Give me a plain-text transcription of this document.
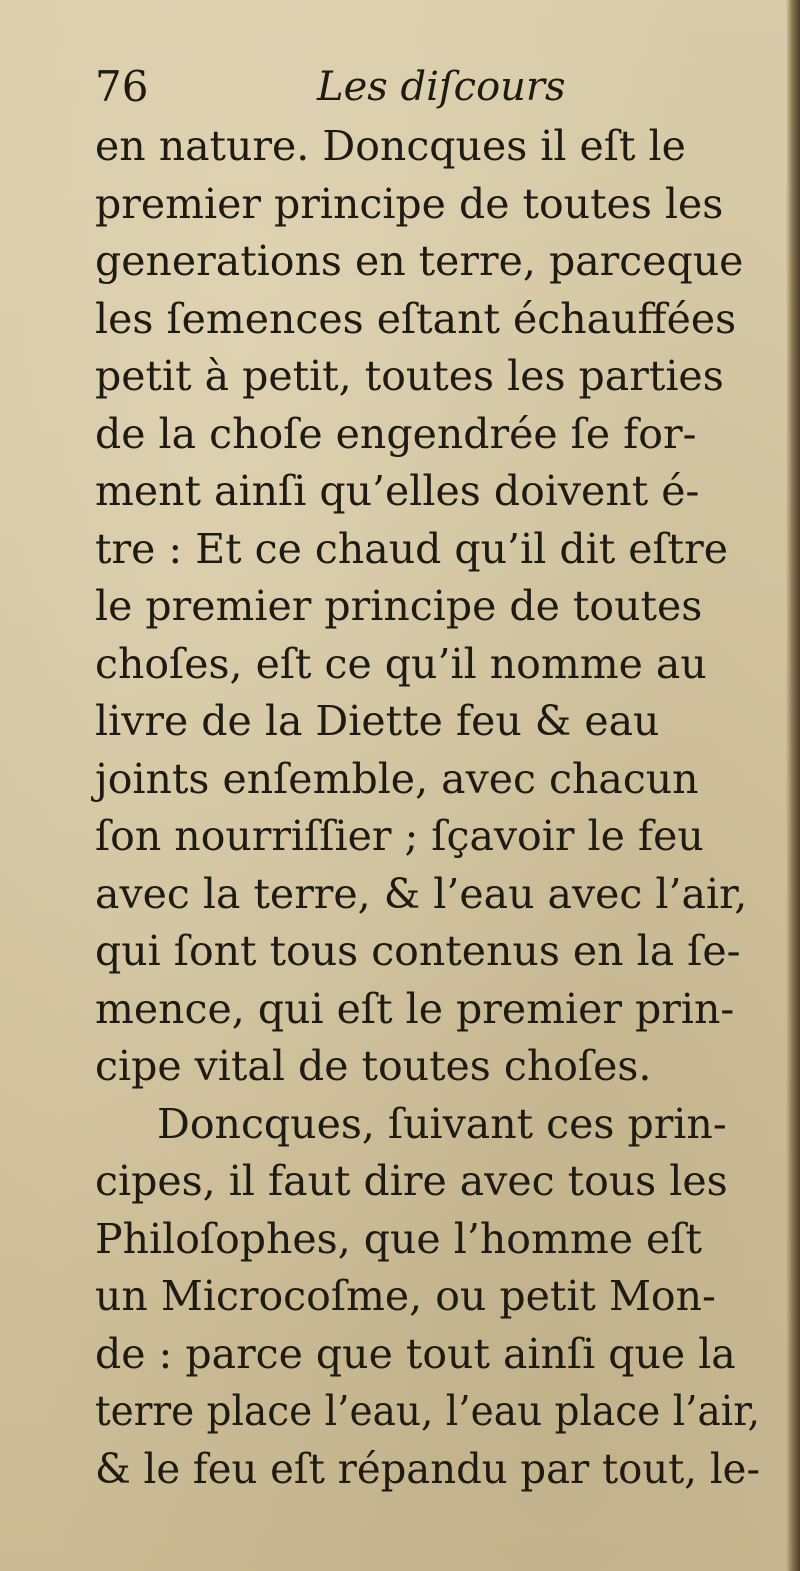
76	Les diſcours
en nature. Doncques il eſt le
premier principe de toutes les
generations en terre, parceque
les ſemences eſtant échauffées
petit à petit, toutes les parties
de la choſe engendrée ſe for-
ment ainſi qu’elles doivent é-
tre : Et ce chaud qu’il dit eſtre
le premier principe de toutes
choſes, eſt ce qu’il nomme au
livre de la Diette feu & eau
joints enſemble, avec chacun
ſon nourriſſier ; ſçavoir le feu
avec la terre, & l’eau avec l’air,
qui ſont tous contenus en la ſe-
mence, qui eſt le premier prin-
cipe vital de toutes choſes.
Doncques, ſuivant ces prin-
cipes, il faut dire avec tous les
Philoſophes, que l’homme eſt
un Microcoſme, ou petit Mon-
de : parce que tout ainſi que la
terre place l’eau, l’eau place l’air,
& le feu eſt répandu par tout, le-
